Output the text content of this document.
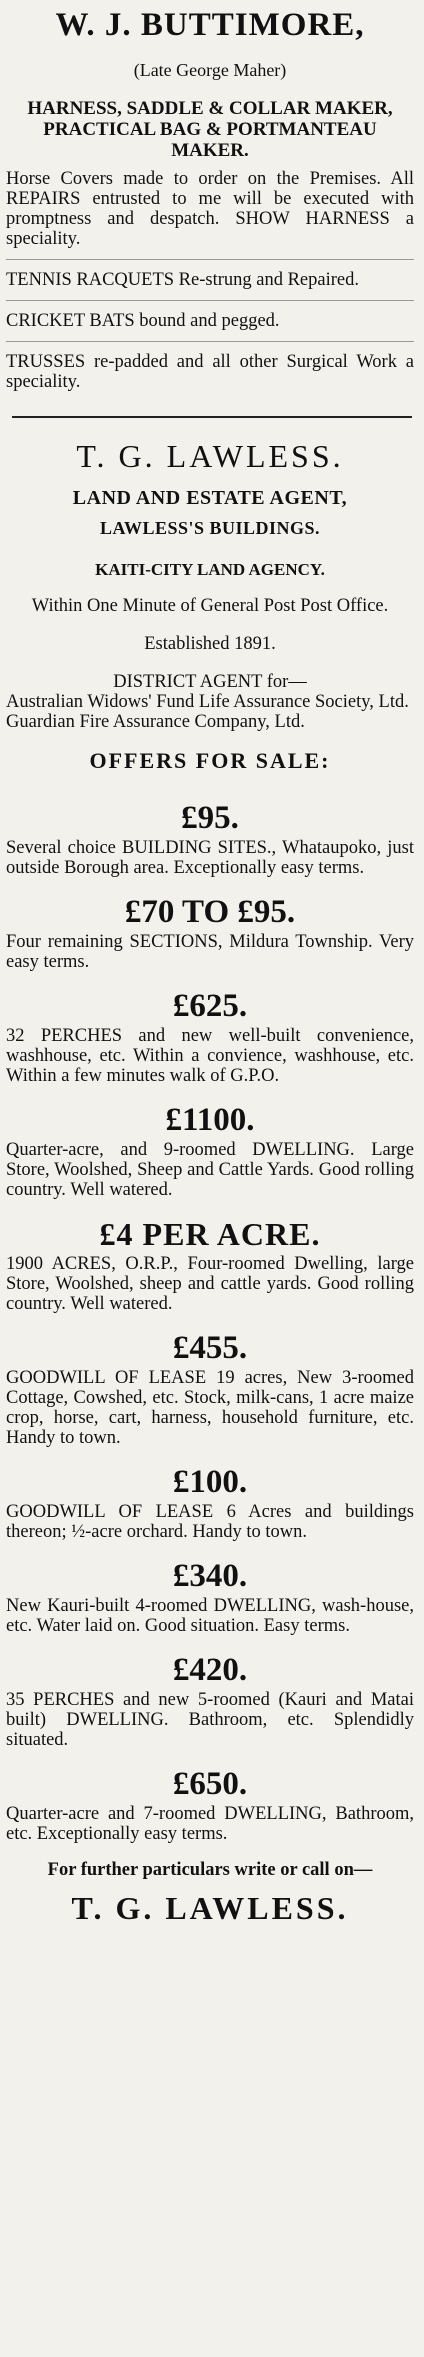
W. J. BUTTIMORE,

(Late George Maher)

HARNESS, SADDLE & COLLAR MAKER, PRACTICAL BAG & PORTMANTEAU MAKER.

Horse Covers made to order on the Premises. All REPAIRS entrusted to me will be executed with promptness and despatch. SHOW HARNESS a speciality.

TENNIS RACQUETS Re-strung and Repaired.

CRICKET BATS bound and pegged.

TRUSSES re-padded and all other Surgical Work a speciality.

T. G. LAWLESS.

LAND AND ESTATE AGENT,

LAWLESS'S BUILDINGS.

KAITI-CITY LAND AGENCY.

Within One Minute of General Post Post Office.

Established 1891.

DISTRICT AGENT for—

Australian Widows' Fund Life Assurance Society, Ltd.

Guardian Fire Assurance Company, Ltd.

OFFERS FOR SALE:

£95.

Several choice BUILDING SITES., Whataupoko, just outside Borough area. Exceptionally easy terms.

£70 TO £95.

Four remaining SECTIONS, Mildura Township. Very easy terms.

£625.

32 PERCHES and new well-built convenience, washhouse, etc. Within a convience, washhouse, etc. Within a few minutes walk of G.P.O.

£1100.

Quarter-acre, and 9-roomed DWELLING. Large Store, Woolshed, Sheep and Cattle Yards. Good rolling country. Well watered.

£4 PER ACRE.

1900 ACRES, O.R.P., Four-roomed Dwelling, large Store, Woolshed, sheep and cattle yards. Good rolling country. Well watered.

£455.

GOODWILL OF LEASE 19 acres, New 3-roomed Cottage, Cowshed, etc. Stock, milk-cans, 1 acre maize crop, horse, cart, harness, household furniture, etc. Handy to town.

£100.

GOODWILL OF LEASE 6 Acres and buildings thereon; ½-acre orchard. Handy to town.

£340.

New Kauri-built 4-roomed DWELLING, wash-house, etc. Water laid on. Good situation. Easy terms.

£420.

35 PERCHES and new 5-roomed (Kauri and Matai built) DWELLING. Bathroom, etc. Splendidly situated.

£650.

Quarter-acre and 7-roomed DWELLING, Bathroom, etc. Exceptionally easy terms.

For further particulars write or call on—

T. G. LAWLESS.
